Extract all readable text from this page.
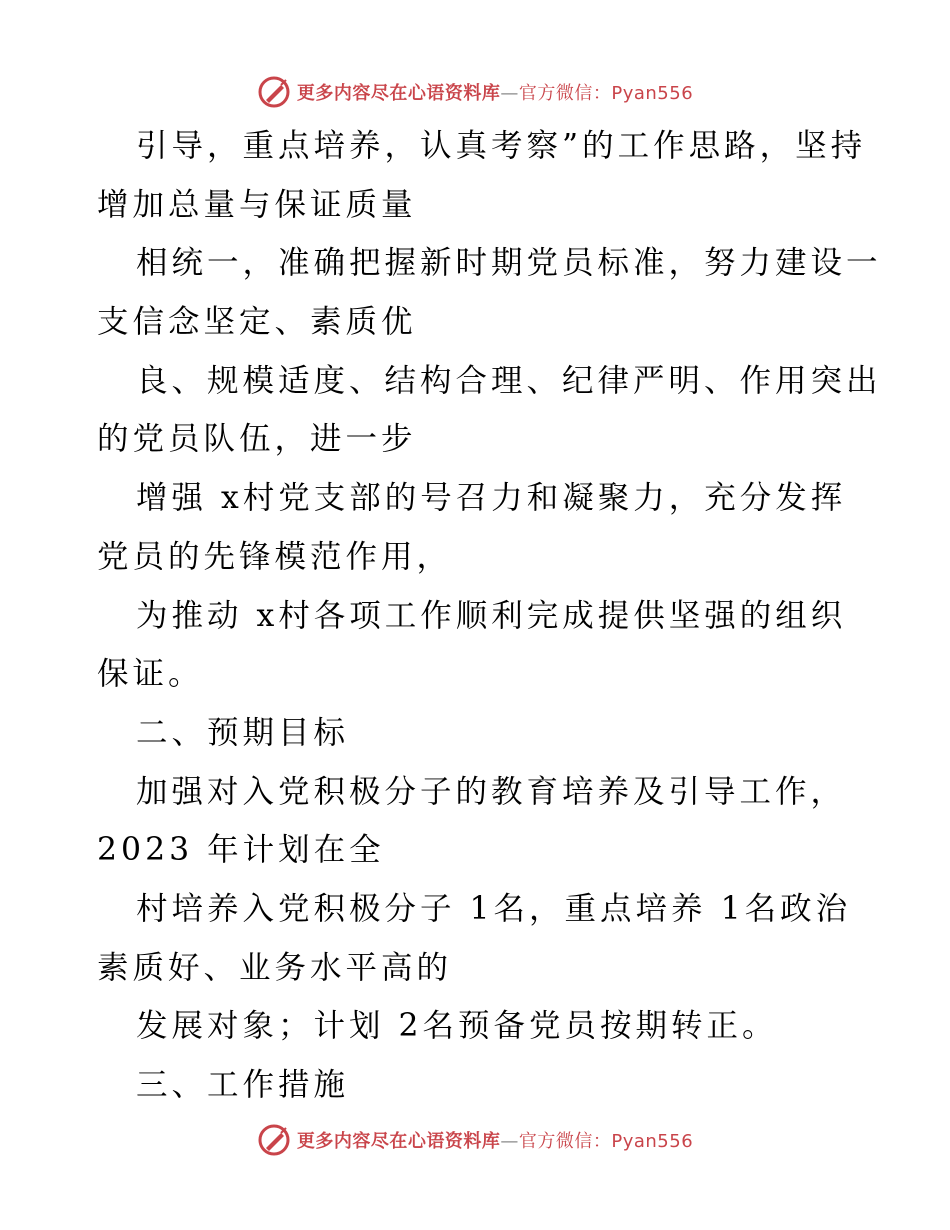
更多内容尽在心语资料库—官方微信：Pyan556
引导，重点培养，认真考察”的工作思路，坚持
增加总量与保证质量
相统一，准确把握新时期党员标准，努力建设一
支信念坚定、素质优
良、规模适度、结构合理、纪律严明、作用突出
的党员队伍，进一步
增强 x村党支部的号召力和凝聚力，充分发挥
党员的先锋模范作用，
为推动 x村各项工作顺利完成提供坚强的组织
保证。
二、预期目标
加强对入党积极分子的教育培养及引导工作，
2023 年计划在全
村培养入党积极分子 1名，重点培养 1名政治
素质好、业务水平高的
发展对象；计划 2名预备党员按期转正。
三、工作措施
更多内容尽在心语资料库—官方微信：Pyan556
